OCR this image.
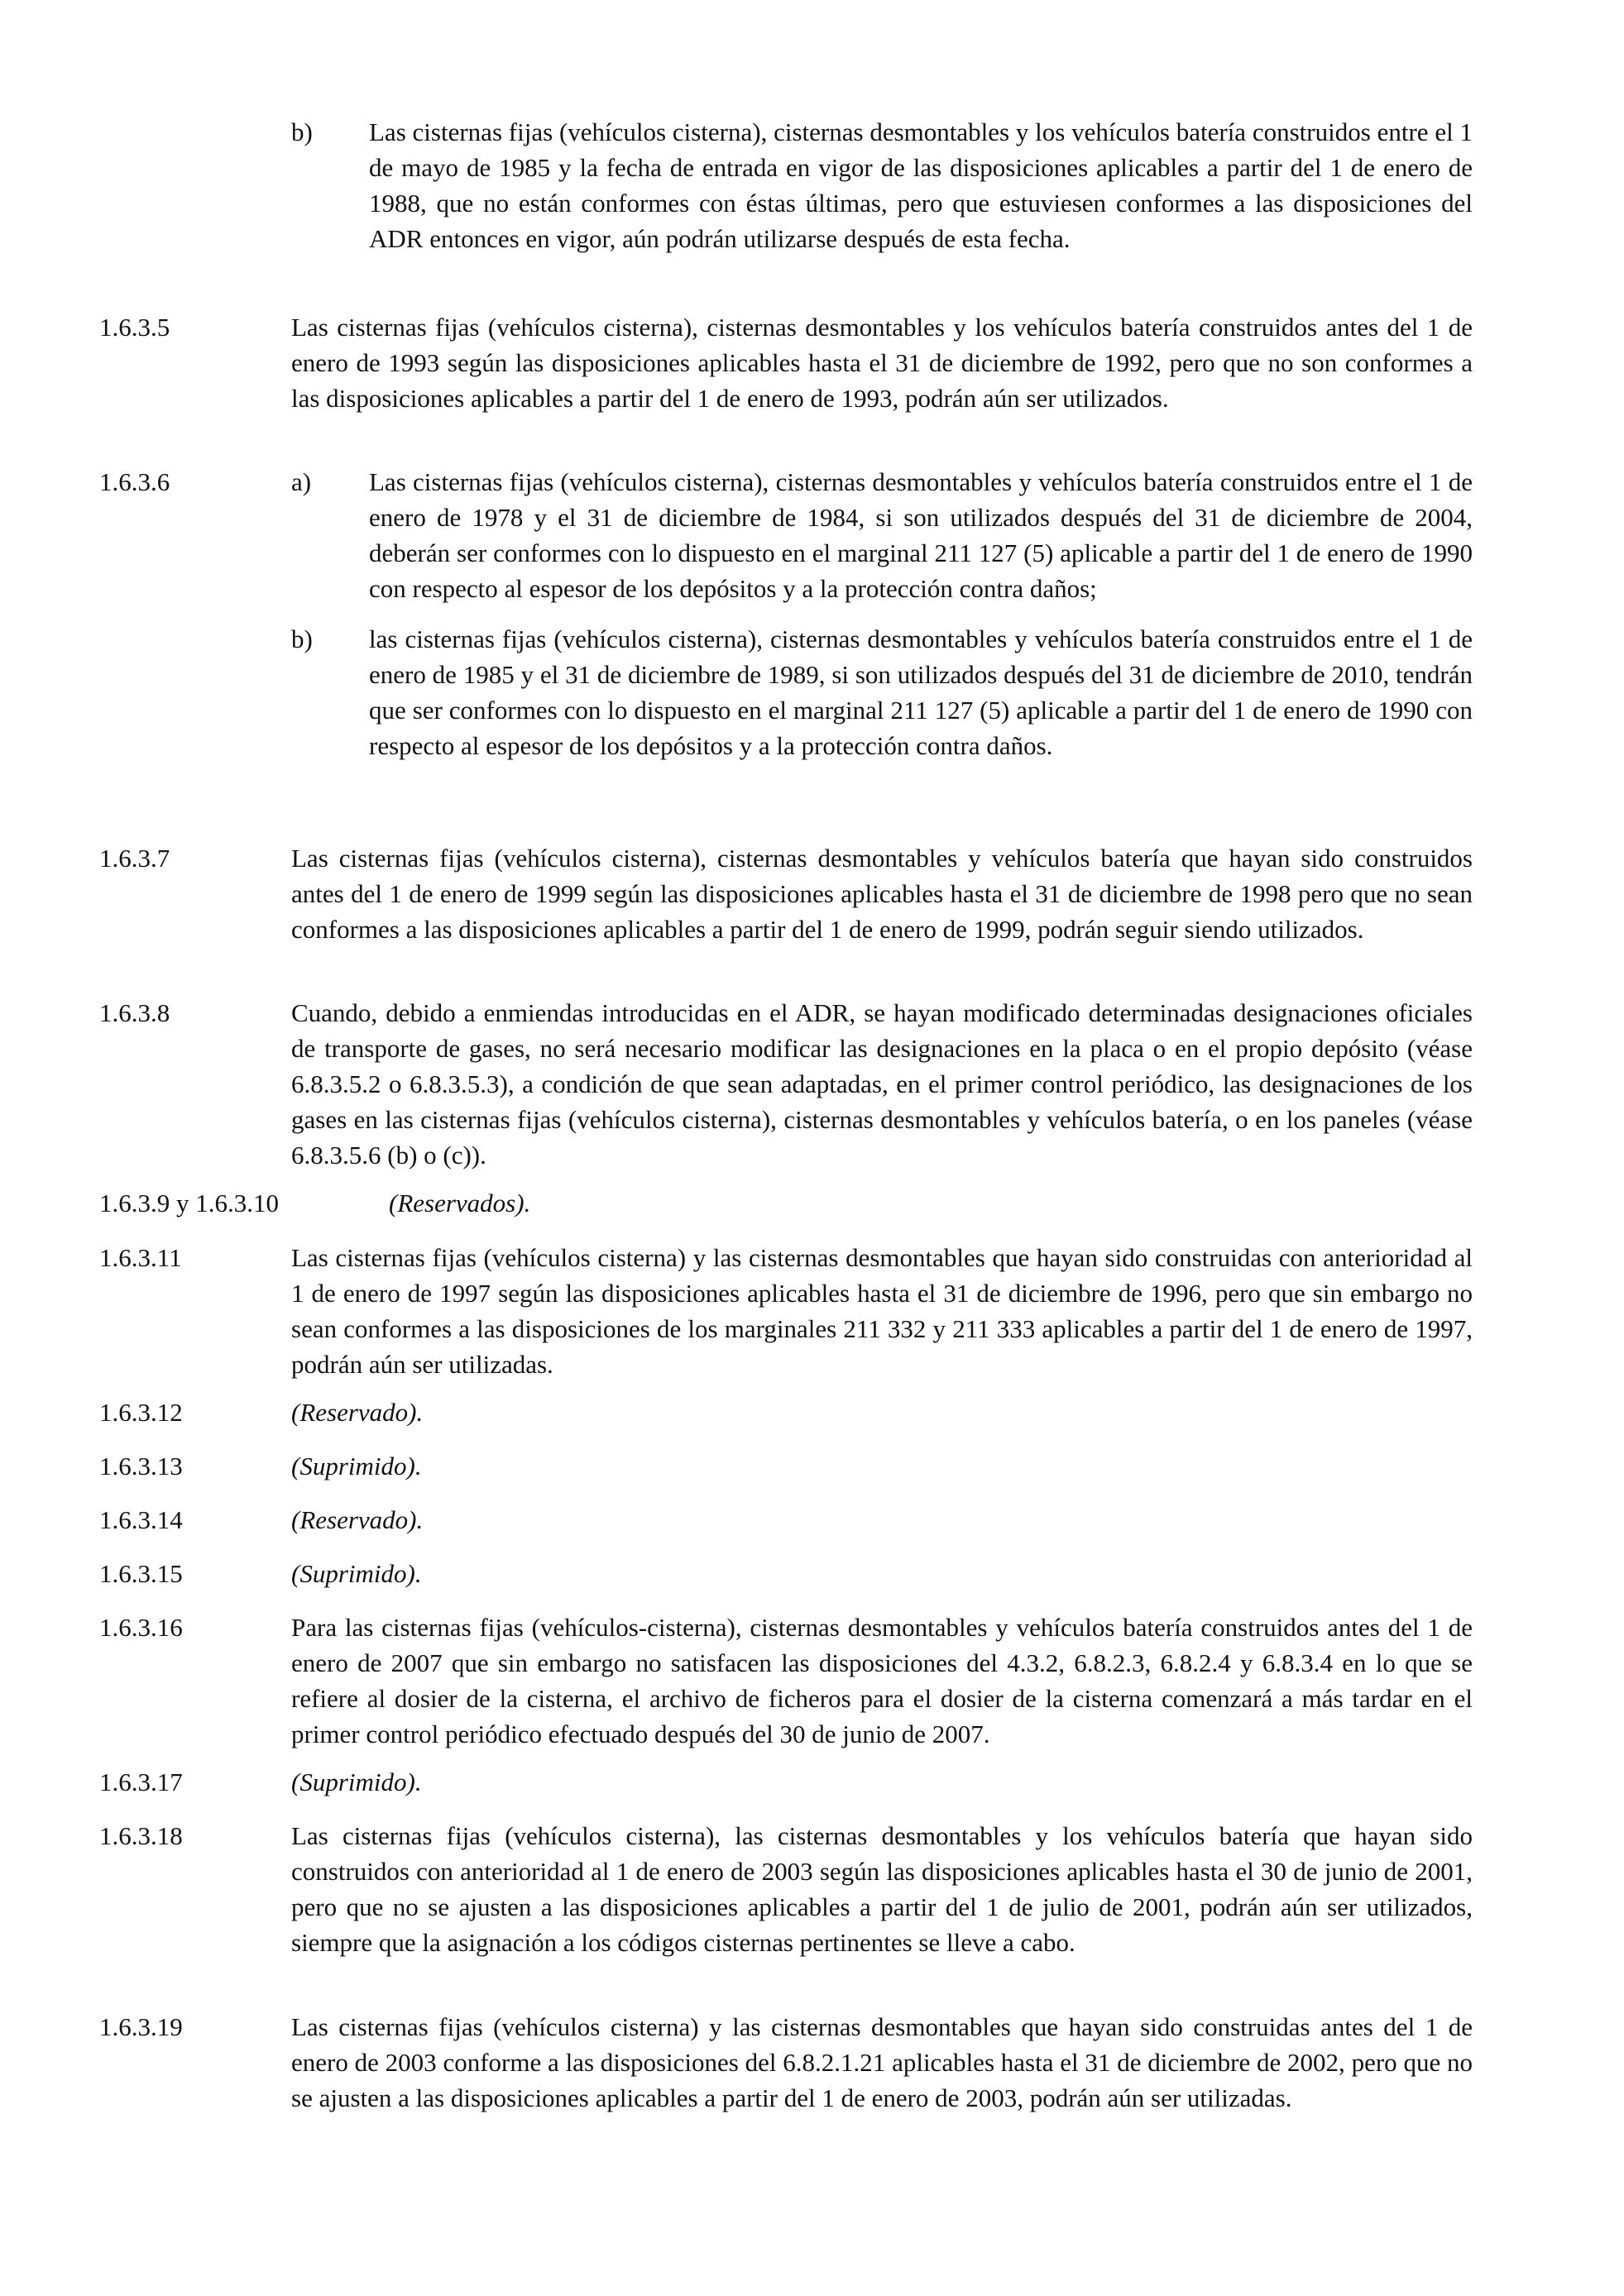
b) Las cisternas fijas (vehículos cisterna), cisternas desmontables y los vehículos batería construidos entre el 1 de mayo de 1985 y la fecha de entrada en vigor de las disposiciones aplicables a partir del 1 de enero de 1988, que no están conformes con éstas últimas, pero que estuviesen conformes a las disposiciones del ADR entonces en vigor, aún podrán utilizarse después de esta fecha.
1.6.3.5	Las cisternas fijas (vehículos cisterna), cisternas desmontables y los vehículos batería construidos antes del 1 de enero de 1993 según las disposiciones aplicables hasta el 31 de diciembre de 1992, pero que no son conformes a las disposiciones aplicables a partir del 1 de enero de 1993, podrán aún ser utilizados.
1.6.3.6	a) Las cisternas fijas (vehículos cisterna), cisternas desmontables y vehículos batería construidos entre el 1 de enero de 1978 y el 31 de diciembre de 1984, si son utilizados después del 31 de diciembre de 2004, deberán ser conformes con lo dispuesto en el marginal 211 127 (5) aplicable a partir del 1 de enero de 1990 con respecto al espesor de los depósitos y a la protección contra daños;
b) las cisternas fijas (vehículos cisterna), cisternas desmontables y vehículos batería construidos entre el 1 de enero de 1985 y el 31 de diciembre de 1989, si son utilizados después del 31 de diciembre de 2010, tendrán que ser conformes con lo dispuesto en el marginal 211 127 (5) aplicable a partir del 1 de enero de 1990 con respecto al espesor de los depósitos y a la protección contra daños.
1.6.3.7	Las cisternas fijas (vehículos cisterna), cisternas desmontables y vehículos batería que hayan sido construidos antes del 1 de enero de 1999 según las disposiciones aplicables hasta el 31 de diciembre de 1998 pero que no sean conformes a las disposiciones aplicables a partir del 1 de enero de 1999, podrán seguir siendo utilizados.
1.6.3.8	Cuando, debido a enmiendas introducidas en el ADR, se hayan modificado determinadas designaciones oficiales de transporte de gases, no será necesario modificar las designaciones en la placa o en el propio depósito (véase 6.8.3.5.2 o 6.8.3.5.3), a condición de que sean adaptadas, en el primer control periódico, las designaciones de los gases en las cisternas fijas (vehículos cisterna), cisternas desmontables y vehículos batería, o en los paneles (véase 6.8.3.5.6 (b) o (c)).
1.6.3.9 y 1.6.3.10	(Reservados).
1.6.3.11	Las cisternas fijas (vehículos cisterna) y las cisternas desmontables que hayan sido construidas con anterioridad al 1 de enero de 1997 según las disposiciones aplicables hasta el 31 de diciembre de 1996, pero que sin embargo no sean conformes a las disposiciones de los marginales 211 332 y 211 333 aplicables a partir del 1 de enero de 1997, podrán aún ser utilizadas.
1.6.3.12	(Reservado).
1.6.3.13	(Suprimido).
1.6.3.14	(Reservado).
1.6.3.15	(Suprimido).
1.6.3.16	Para las cisternas fijas (vehículos-cisterna), cisternas desmontables y vehículos batería construidos antes del 1 de enero de 2007 que sin embargo no satisfacen las disposiciones del 4.3.2, 6.8.2.3, 6.8.2.4 y 6.8.3.4 en lo que se refiere al dosier de la cisterna, el archivo de ficheros para el dosier de la cisterna comenzará a más tardar en el primer control periódico efectuado después del 30 de junio de 2007.
1.6.3.17	(Suprimido).
1.6.3.18	Las cisternas fijas (vehículos cisterna), las cisternas desmontables y los vehículos batería que hayan sido construidos con anterioridad al 1 de enero de 2003 según las disposiciones aplicables hasta el 30 de junio de 2001, pero que no se ajusten a las disposiciones aplicables a partir del 1 de julio de 2001, podrán aún ser utilizados, siempre que la asignación a los códigos cisternas pertinentes se lleve a cabo.
1.6.3.19	Las cisternas fijas (vehículos cisterna) y las cisternas desmontables que hayan sido construidas antes del 1 de enero de 2003 conforme a las disposiciones del 6.8.2.1.21 aplicables hasta el 31 de diciembre de 2002, pero que no se ajusten a las disposiciones aplicables a partir del 1 de enero de 2003, podrán aún ser utilizadas.
